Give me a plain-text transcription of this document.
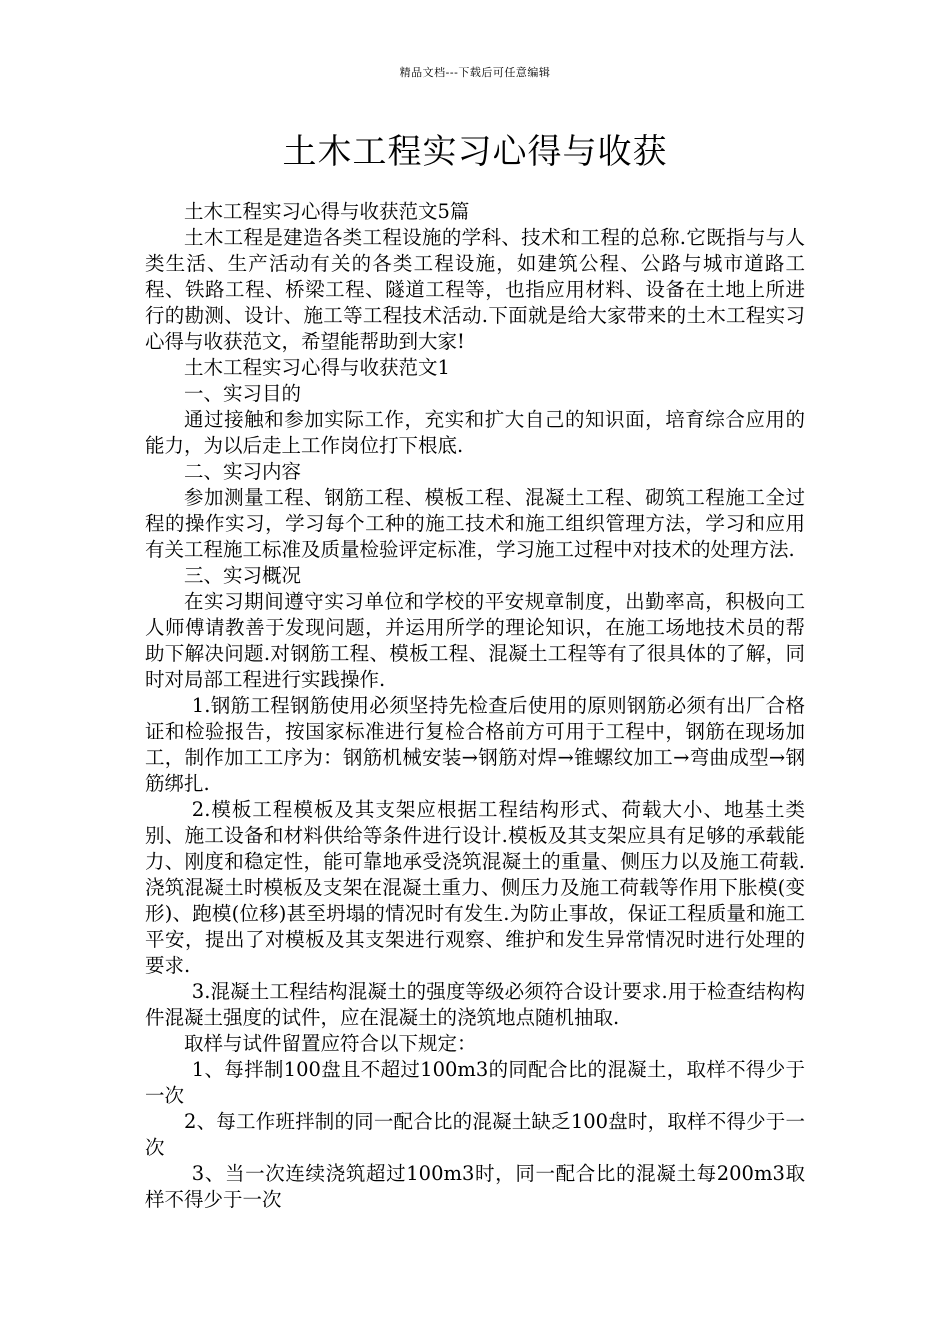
精品文档---下载后可任意编辑
土木工程实习心得与收获

土木工程实习心得与收获范文5篇

土木工程是建造各类工程设施的学科、技术和工程的总称.它既指与与人类生活、生产活动有关的各类工程设施，如建筑公程、公路与城市道路工程、铁路工程、桥梁工程、隧道工程等，也指应用材料、设备在土地上所进行的勘测、设计、施工等工程技术活动.下面就是给大家带来的土木工程实习心得与收获范文，希望能帮助到大家!

土木工程实习心得与收获范文1

一、实习目的

通过接触和参加实际工作，充实和扩大自己的知识面，培育综合应用的能力，为以后走上工作岗位打下根底.

二、实习内容

参加测量工程、钢筋工程、模板工程、混凝土工程、砌筑工程施工全过程的操作实习，学习每个工种的施工技术和施工组织管理方法，学习和应用有关工程施工标准及质量检验评定标准，学习施工过程中对技术的处理方法.

三、实习概况

在实习期间遵守实习单位和学校的平安规章制度，出勤率高，积极向工人师傅请教善于发现问题，并运用所学的理论知识，在施工场地技术员的帮助下解决问题.对钢筋工程、模板工程、混凝土工程等有了很具体的了解，同时对局部工程进行实践操作.

1.钢筋工程钢筋使用必须坚持先检查后使用的原则钢筋必须有出厂合格证和检验报告，按国家标准进行复检合格前方可用于工程中，钢筋在现场加工，制作加工工序为：钢筋机械安装→钢筋对焊→锥螺纹加工→弯曲成型→钢筋绑扎.

2.模板工程模板及其支架应根据工程结构形式、荷载大小、地基土类别、施工设备和材料供给等条件进行设计.模板及其支架应具有足够的承载能力、刚度和稳定性，能可靠地承受浇筑混凝土的重量、侧压力以及施工荷载.浇筑混凝土时模板及支架在混凝土重力、侧压力及施工荷载等作用下胀模(变形)、跑模(位移)甚至坍塌的情况时有发生.为防止事故，保证工程质量和施工平安，提出了对模板及其支架进行观察、维护和发生异常情况时进行处理的要求.

3.混凝土工程结构混凝土的强度等级必须符合设计要求.用于检查结构构件混凝土强度的试件，应在混凝土的浇筑地点随机抽取.

取样与试件留置应符合以下规定：

1、每拌制100盘且不超过100m3的同配合比的混凝土，取样不得少于一次

2、每工作班拌制的同一配合比的混凝土缺乏100盘时，取样不得少于一次

3、当一次连续浇筑超过100m3时，同一配合比的混凝土每200m3取样不得少于一次
